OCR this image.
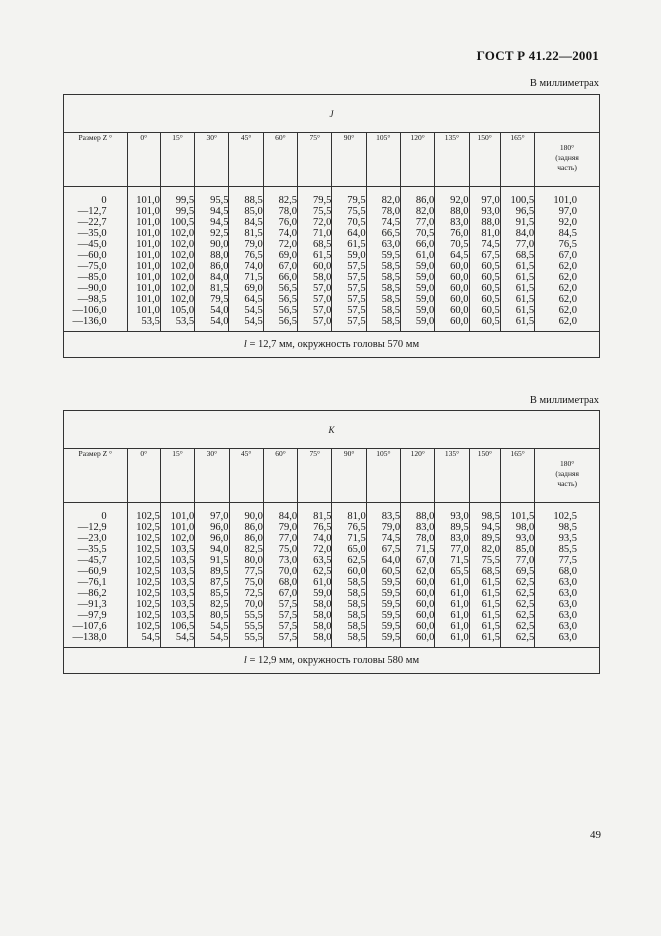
ГОСТ Р 41.22—2001
В миллиметрах
J													
Размер Z °	0°	15°	30°	45°	60°	75°	90°	105°	120°	135°	150°	165°	180°
(задняя
часть)
0	101,0	99,5	95,5	88,5	82,5	79,5	79,5	82,0	86,0	92,0	97,0	100,5	101,0
—12,7	101,0	99,5	94,5	85,0	78,0	75,5	75,5	78,0	82,0	88,0	93,0	96,5	97,0
—22,7	101,0	100,5	94,5	84,5	76,0	72,0	70,5	74,5	77,0	83,0	88,0	91,5	92,0
—35,0	101,0	102,0	92,5	81,5	74,0	71,0	64,0	66,5	70,5	76,0	81,0	84,0	84,5
—45,0	101,0	102,0	90,0	79,0	72,0	68,5	61,5	63,0	66,0	70,5	74,5	77,0	76,5
—60,0	101,0	102,0	88,0	76,5	69,0	61,5	59,0	59,5	61,0	64,5	67,5	68,5	67,0
—75,0	101,0	102,0	86,0	74,0	67,0	60,0	57,5	58,5	59,0	60,0	60,5	61,5	62,0
—85,0	101,0	102,0	84,0	71,5	66,0	58,0	57,5	58,5	59,0	60,0	60,5	61,5	62,0
—90,0	101,0	102,0	81,5	69,0	56,5	57,0	57,5	58,5	59,0	60,0	60,5	61,5	62,0
—98,5	101,0	102,0	79,5	64,5	56,5	57,0	57,5	58,5	59,0	60,0	60,5	61,5	62,0
—106,0	101,0	105,0	54,0	54,5	56,5	57,0	57,5	58,5	59,0	60,0	60,5	61,5	62,0
—136,0	53,5	53,5	54,0	54,5	56,5	57,0	57,5	58,5	59,0	60,0	60,5	61,5	62,0
l = 12,7 мм, окружность головы 570 мм													
В миллиметрах
K													
Размер Z °	0°	15°	30°	45°	60°	75°	90°	105°	120°	135°	150°	165°	180°
(задняя
часть)
0	102,5	101,0	97,0	90,0	84,0	81,5	81,0	83,5	88,0	93,0	98,5	101,5	102,5
—12,9	102,5	101,0	96,0	86,0	79,0	76,5	76,5	79,0	83,0	89,5	94,5	98,0	98,5
—23,0	102,5	102,0	96,0	86,0	77,0	74,0	71,5	74,5	78,0	83,0	89,5	93,0	93,5
—35,5	102,5	103,5	94,0	82,5	75,0	72,0	65,0	67,5	71,5	77,0	82,0	85,0	85,5
—45,7	102,5	103,5	91,5	80,0	73,0	63,5	62,5	64,0	67,0	71,5	75,5	77,0	77,5
—60,9	102,5	103,5	89,5	77,5	70,0	62,5	60,0	60,5	62,0	65,5	68,5	69,5	68,0
—76,1	102,5	103,5	87,5	75,0	68,0	61,0	58,5	59,5	60,0	61,0	61,5	62,5	63,0
—86,2	102,5	103,5	85,5	72,5	67,0	59,0	58,5	59,5	60,0	61,0	61,5	62,5	63,0
—91,3	102,5	103,5	82,5	70,0	57,5	58,0	58,5	59,5	60,0	61,0	61,5	62,5	63,0
—97,9	102,5	103,5	80,5	55,5	57,5	58,0	58,5	59,5	60,0	61,0	61,5	62,5	63,0
—107,6	102,5	106,5	54,5	55,5	57,5	58,0	58,5	59,5	60,0	61,0	61,5	62,5	63,0
—138,0	54,5	54,5	54,5	55,5	57,5	58,0	58,5	59,5	60,0	61,0	61,5	62,5	63,0
l = 12,9 мм, окружность головы 580 мм													
49
